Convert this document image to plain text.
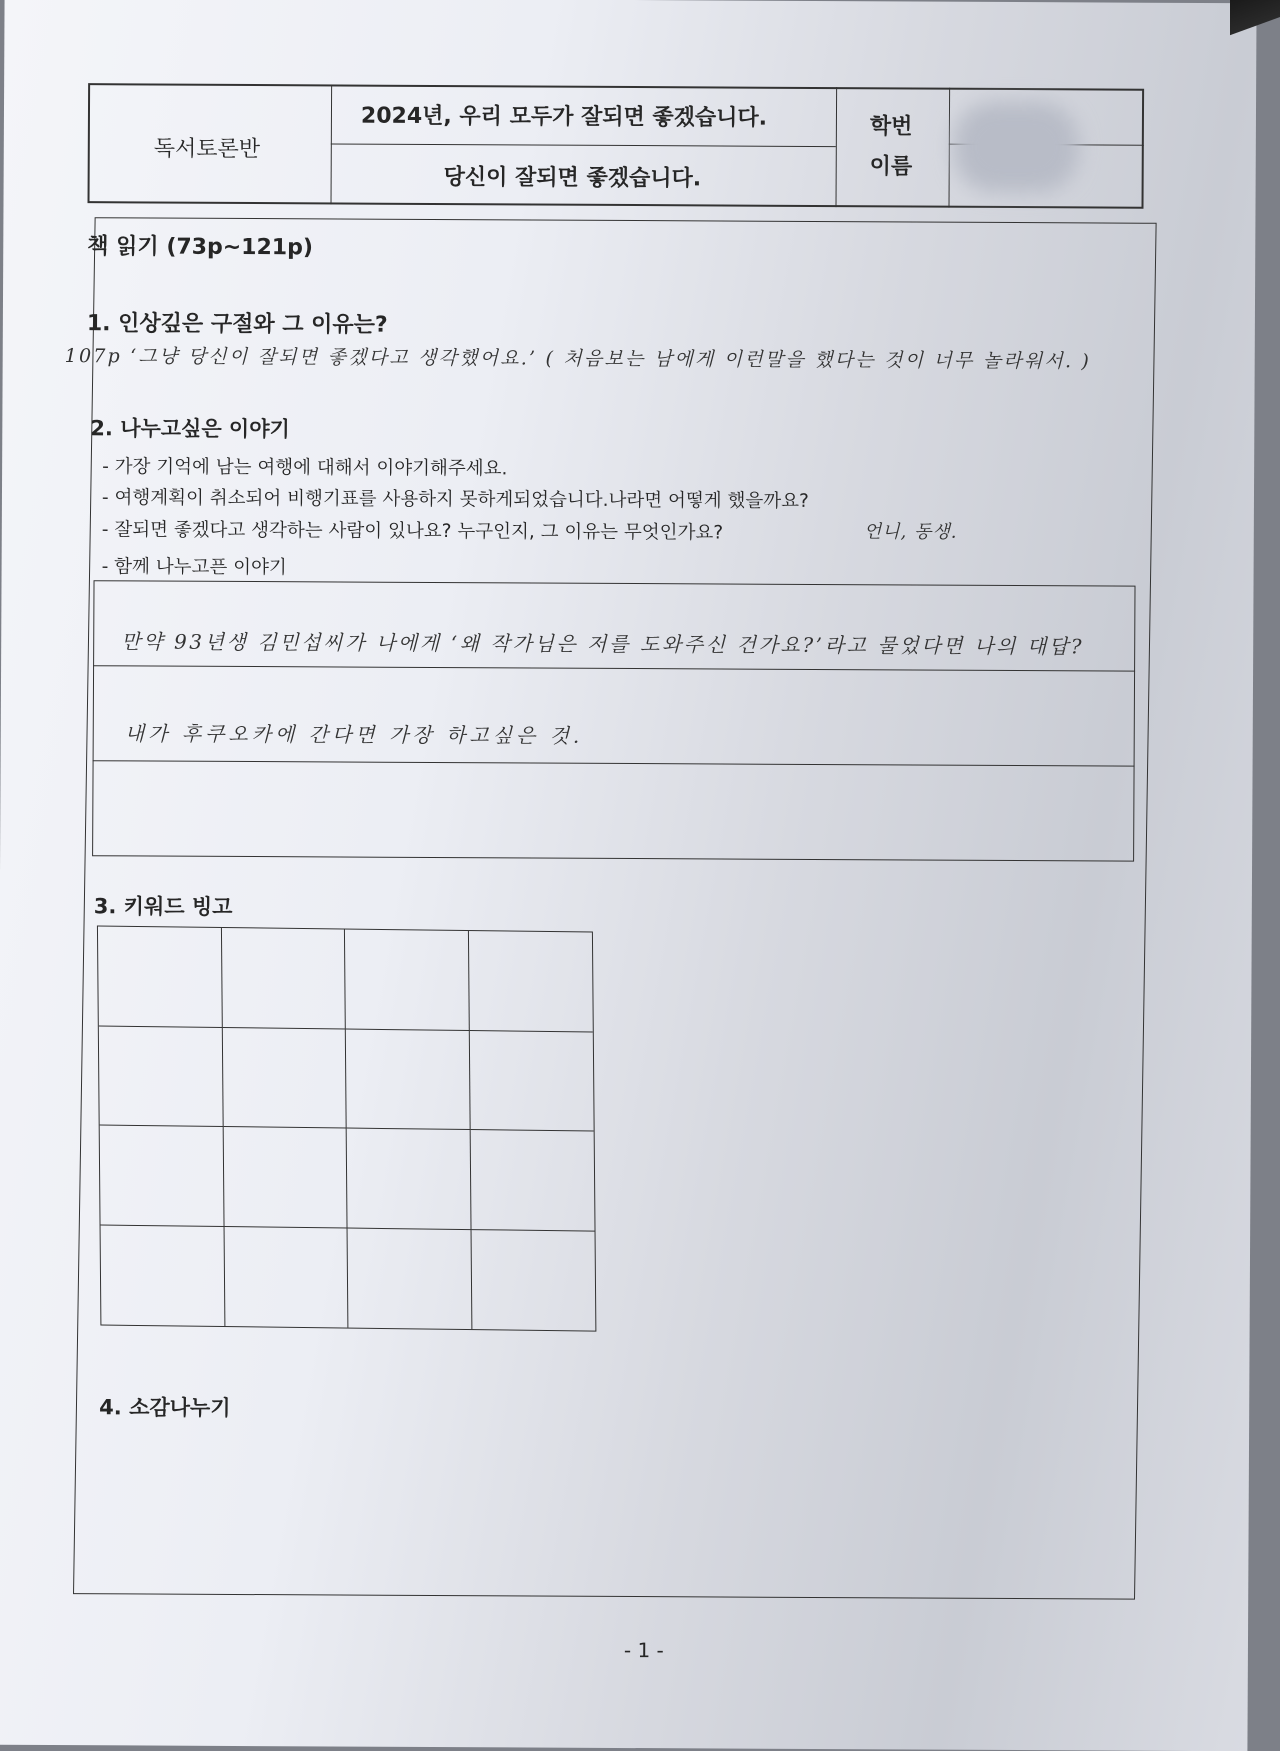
독서토론반
2024년, 우리 모두가 잘되면 좋겠습니다.
당신이 잘되면 좋겠습니다.
학번
이름
책 읽기 (73p~121p)
1. 인상깊은 구절와 그 이유는?
107p ‘그냥 당신이 잘되면 좋겠다고 생각했어요.’ ( 처음보는 남에게 이런말을 했다는 것이 너무 놀라워서. )
2. 나누고싶은 이야기
- 가장 기억에 남는 여행에 대해서 이야기해주세요.
- 여행계획이 취소되어 비행기표를 사용하지 못하게되었습니다.나라면 어떻게 했을까요?
- 잘되면 좋겠다고 생각하는 사람이 있나요? 누구인지, 그 이유는 무엇인가요?	언니, 동생.
- 함께 나누고픈 이야기
만약 93년생 김민섭씨가 나에게 ‘왜 작가님은 저를 도와주신 건가요?’라고 물었다면 나의 대답?
내가 후쿠오카에 간다면 가장 하고싶은 것.
3. 키워드 빙고
4. 소감나누기
- 1 -
